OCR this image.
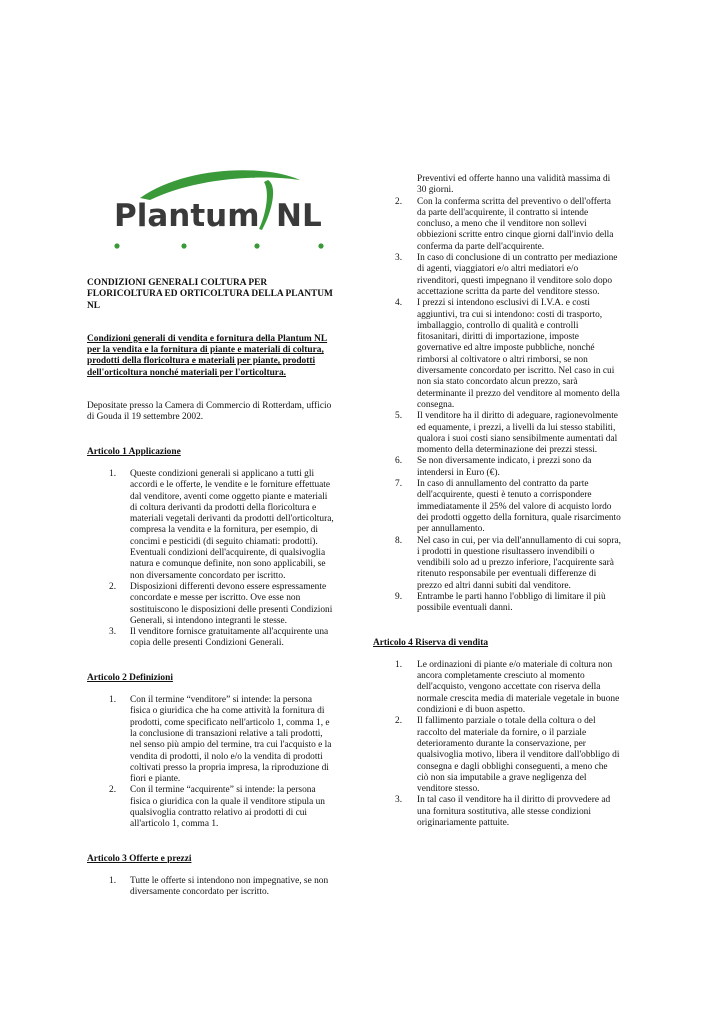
Plantum NL

CONDIZIONI GENERALI COLTURA PER FLORICOLTURA ED ORTICOLTURA DELLA PLANTUM NL

Condizioni generali di vendita e fornitura della Plantum NL per la vendita e la fornitura di piante e materiali di coltura, prodotti della floricoltura e materiali per piante, prodotti dell'orticoltura nonché materiali per l'orticoltura.

Depositate presso la Camera di Commercio di Rotterdam, ufficio di Gouda il 19 settembre 2002.

Articolo 1 Applicazione

1. Queste condizioni generali si applicano a tutti gli accordi e le offerte, le vendite e le forniture effettuate dal venditore, aventi come oggetto piante e materiali di coltura derivanti da prodotti della floricoltura e materiali vegetali derivanti da prodotti dell'orticoltura, compresa la vendita e la fornitura, per esempio, di concimi e pesticidi (di seguito chiamati: prodotti). Eventuali condizioni dell'acquirente, di qualsivoglia natura e comunque definite, non sono applicabili, se non diversamente concordato per iscritto.
2. Disposizioni differenti devono essere espressamente concordate e messe per iscritto. Ove esse non sostituiscono le disposizioni delle presenti Condizioni Generali, si intendono integranti le stesse.
3. Il venditore fornisce gratuitamente all'acquirente una copia delle presenti Condizioni Generali.

Articolo 2 Definizioni

1. Con il termine “venditore” si intende: la persona fisica o giuridica che ha come attività la fornitura di prodotti, come specificato nell'articolo 1, comma 1, e la conclusione di transazioni relative a tali prodotti, nel senso più ampio del termine, tra cui l'acquisto e la vendita di prodotti, il nolo e/o la vendita di prodotti coltivati presso la propria impresa, la riproduzione di fiori e piante.
2. Con il termine “acquirente” si intende: la persona fisica o giuridica con la quale il venditore stipula un qualsivoglia contratto relativo ai prodotti di cui all'articolo 1, comma 1.

Articolo 3 Offerte e prezzi

1. Tutte le offerte si intendono non impegnative, se non diversamente concordato per iscritto.

Preventivi ed offerte hanno una validità massima di 30 giorni.

2. Con la conferma scritta del preventivo o dell'offerta da parte dell'acquirente, il contratto si intende concluso, a meno che il venditore non sollevi obbiezioni scritte entro cinque giorni dall'invio della conferma da parte dell'acquirente.
3. In caso di conclusione di un contratto per mediazione di agenti, viaggiatori e/o altri mediatori e/o rivenditori, questi impegnano il venditore solo dopo accettazione scritta da parte del venditore stesso.
4. I prezzi si intendono esclusivi di I.V.A. e costi aggiuntivi, tra cui si intendono: costi di trasporto, imballaggio, controllo di qualità e controlli fitosanitari, diritti di importazione, imposte governative ed altre imposte pubbliche, nonché rimborsi al coltivatore o altri rimborsi, se non diversamente concordato per iscritto. Nel caso in cui non sia stato concordato alcun prezzo, sarà determinante il prezzo del venditore al momento della consegna.
5. Il venditore ha il diritto di adeguare, ragionevolmente ed equamente, i prezzi, a livelli da lui stesso stabiliti, qualora i suoi costi siano sensibilmente aumentati dal momento della determinazione dei prezzi stessi.
6. Se non diversamente indicato, i prezzi sono da intendersi in Euro (€).
7. In caso di annullamento del contratto da parte dell'acquirente, questi è tenuto a corrispondere immediatamente il 25% del valore di acquisto lordo dei prodotti oggetto della fornitura, quale risarcimento per annullamento.
8. Nel caso in cui, per via dell'annullamento di cui sopra, i prodotti in questione risultassero invendibili o vendibili solo ad u prezzo inferiore, l'acquirente sarà ritenuto responsabile per eventuali differenze di prezzo ed altri danni subiti dal venditore.
9. Entrambe le parti hanno l'obbligo di limitare il più possibile eventuali danni.

Articolo 4 Riserva di vendita

1. Le ordinazioni di piante e/o materiale di coltura non ancora completamente cresciuto al momento dell'acquisto, vengono accettate con riserva della normale crescita media di materiale vegetale in buone condizioni e di buon aspetto.
2. Il fallimento parziale o totale della coltura o del raccolto del materiale da fornire, o il parziale deterioramento durante la conservazione, per qualsivoglia motivo, libera il venditore dall'obbligo di consegna e dagli obblighi conseguenti, a meno che ciò non sia imputabile a grave negligenza del venditore stesso.
3. In tal caso il venditore ha il diritto di provvedere ad una fornitura sostitutiva, alle stesse condizioni originariamente pattuite.
